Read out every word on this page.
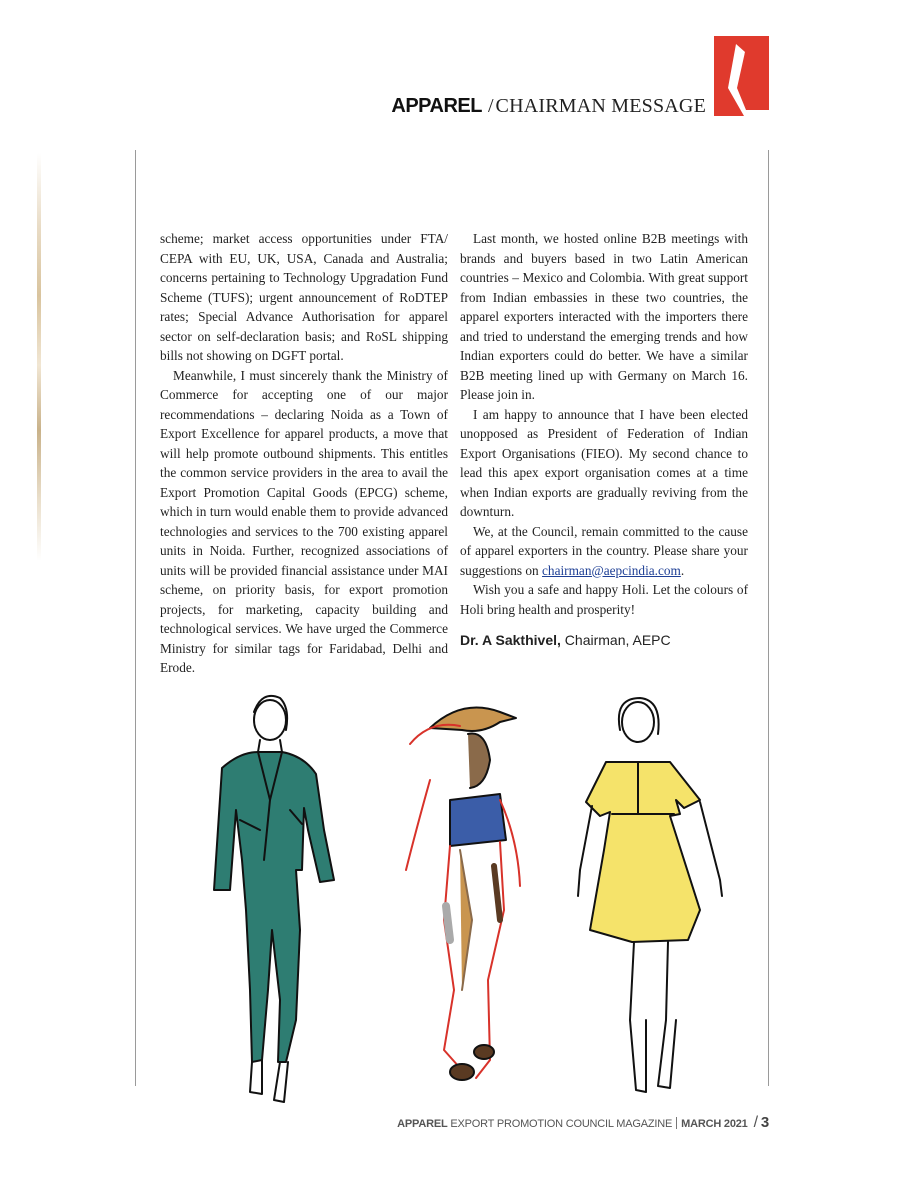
APPAREL / CHAIRMAN MESSAGE

scheme; market access opportunities under FTA/ CEPA with EU, UK, USA, Canada and Australia; concerns pertaining to Technology Upgradation Fund Scheme (TUFS); urgent announcement of RoDTEP rates; Special Advance Authorisation for apparel sector on self-declaration basis; and RoSL shipping bills not showing on DGFT portal.

Meanwhile, I must sincerely thank the Ministry of Commerce for accepting one of our major recommendations – declaring Noida as a Town of Export Excellence for apparel products, a move that will help promote outbound shipments. This entitles the common service providers in the area to avail the Export Promotion Capital Goods (EPCG) scheme, which in turn would enable them to provide advanced technologies and services to the 700 existing apparel units in Noida. Further, recognized associations of units will be provided financial assistance under MAI scheme, on priority basis, for export promotion projects, for marketing, capacity building and technological services. We have urged the Commerce Ministry for similar tags for Faridabad, Delhi and Erode.

Last month, we hosted online B2B meetings with brands and buyers based in two Latin American countries – Mexico and Colombia. With great support from Indian embassies in these two countries, the apparel exporters interacted with the importers there and tried to understand the emerging trends and how Indian exporters could do better. We have a similar B2B meeting lined up with Germany on March 16. Please join in.

I am happy to announce that I have been elected unopposed as President of Federation of Indian Export Organisations (FIEO). My second chance to lead this apex export organisation comes at a time when Indian exports are gradually reviving from the downturn.

We, at the Council, remain committed to the cause of apparel exporters in the country. Please share your suggestions on chairman@aepcindia.com.

Wish you a safe and happy Holi. Let the colours of Holi bring health and prosperity!

Dr. A Sakthivel, Chairman, AEPC

APPAREL EXPORT PROMOTION COUNCIL MAGAZINE MARCH 2021 / 3
